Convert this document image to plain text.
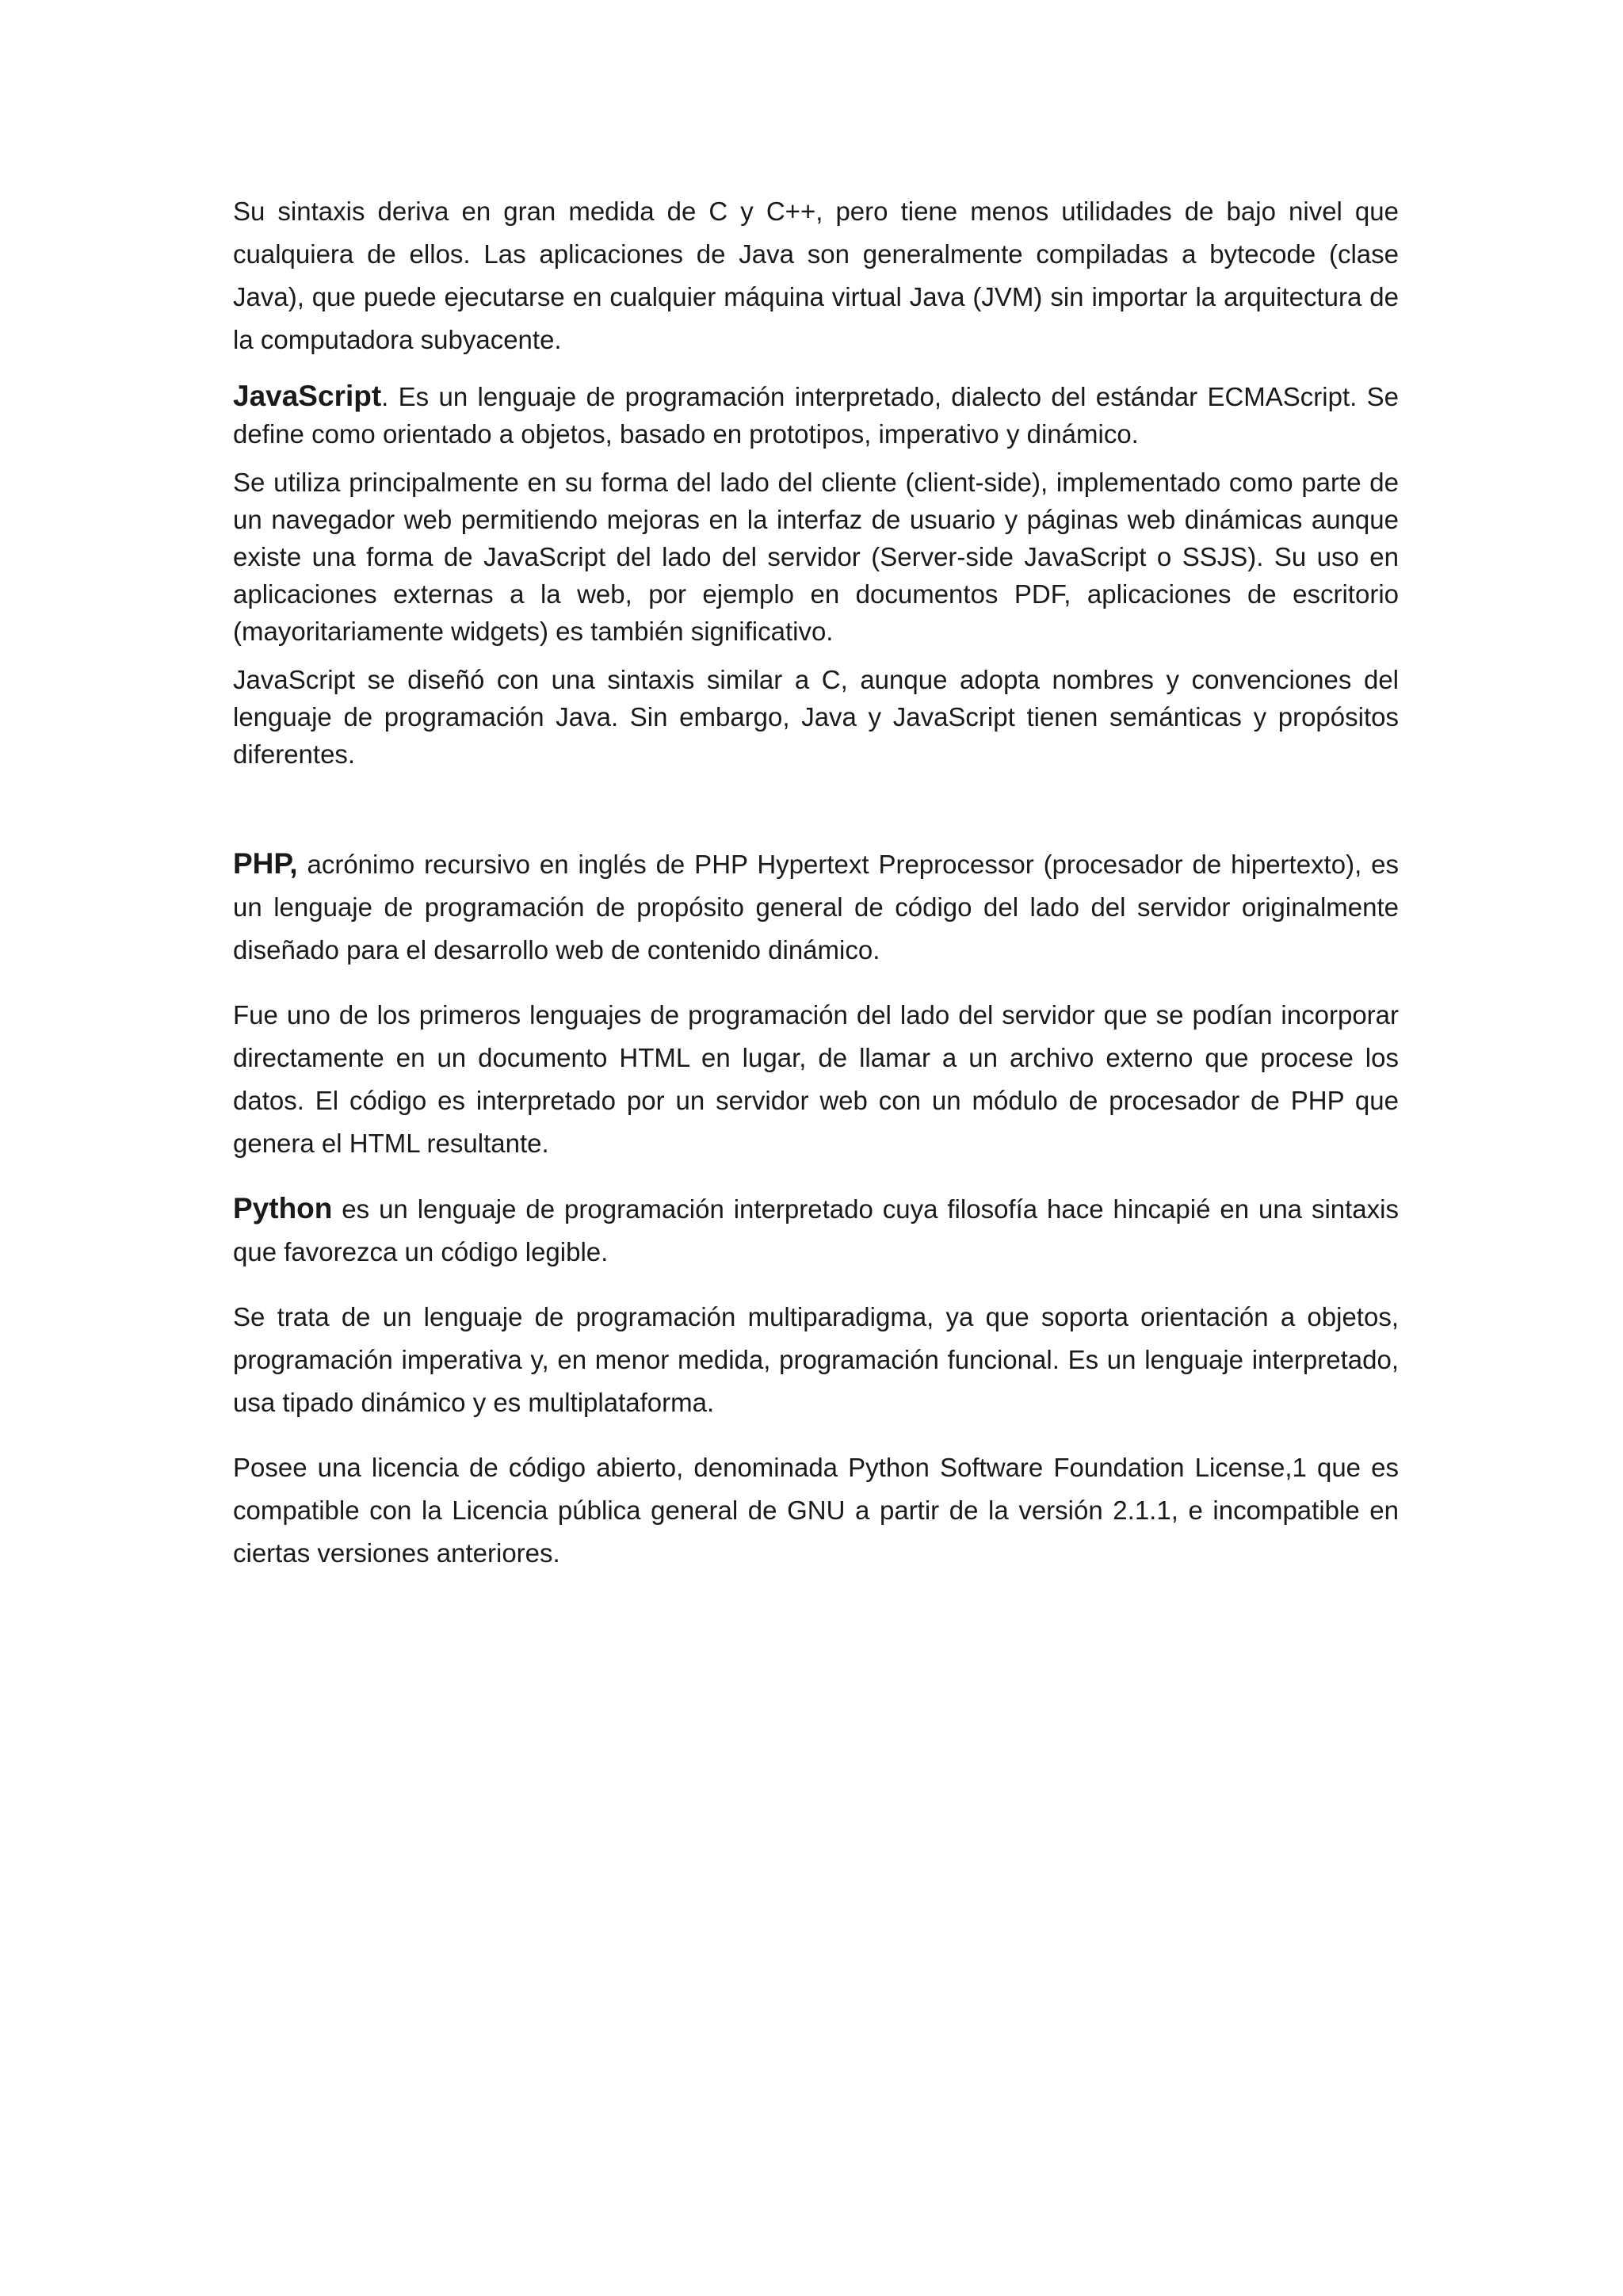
Su sintaxis deriva en gran medida de C y C++, pero tiene menos utilidades de bajo nivel que cualquiera de ellos. Las aplicaciones de Java son generalmente compiladas a bytecode (clase Java), que puede ejecutarse en cualquier máquina virtual Java (JVM) sin importar la arquitectura de la computadora subyacente.

JavaScript. Es un lenguaje de programación interpretado, dialecto del estándar ECMAScript. Se define como orientado a objetos, basado en prototipos, imperativo y dinámico.

Se utiliza principalmente en su forma del lado del cliente (client-side), implementado como parte de un navegador web permitiendo mejoras en la interfaz de usuario y páginas web dinámicas aunque existe una forma de JavaScript del lado del servidor (Server-side JavaScript o SSJS). Su uso en aplicaciones externas a la web, por ejemplo en documentos PDF, aplicaciones de escritorio (mayoritariamente widgets) es también significativo.

JavaScript se diseñó con una sintaxis similar a C, aunque adopta nombres y convenciones del lenguaje de programación Java. Sin embargo, Java y JavaScript tienen semánticas y propósitos diferentes.

PHP, acrónimo recursivo en inglés de PHP Hypertext Preprocessor (procesador de hipertexto), es un lenguaje de programación de propósito general de código del lado del servidor originalmente diseñado para el desarrollo web de contenido dinámico.

Fue uno de los primeros lenguajes de programación del lado del servidor que se podían incorporar directamente en un documento HTML en lugar, de llamar a un archivo externo que procese los datos. El código es interpretado por un servidor web con un módulo de procesador de PHP que genera el HTML resultante.

Python es un lenguaje de programación interpretado cuya filosofía hace hincapié en una sintaxis que favorezca un código legible.

Se trata de un lenguaje de programación multiparadigma, ya que soporta orientación a objetos, programación imperativa y, en menor medida, programación funcional. Es un lenguaje interpretado, usa tipado dinámico y es multiplataforma.

Posee una licencia de código abierto, denominada Python Software Foundation License,1 que es compatible con la Licencia pública general de GNU a partir de la versión 2.1.1, e incompatible en ciertas versiones anteriores.
